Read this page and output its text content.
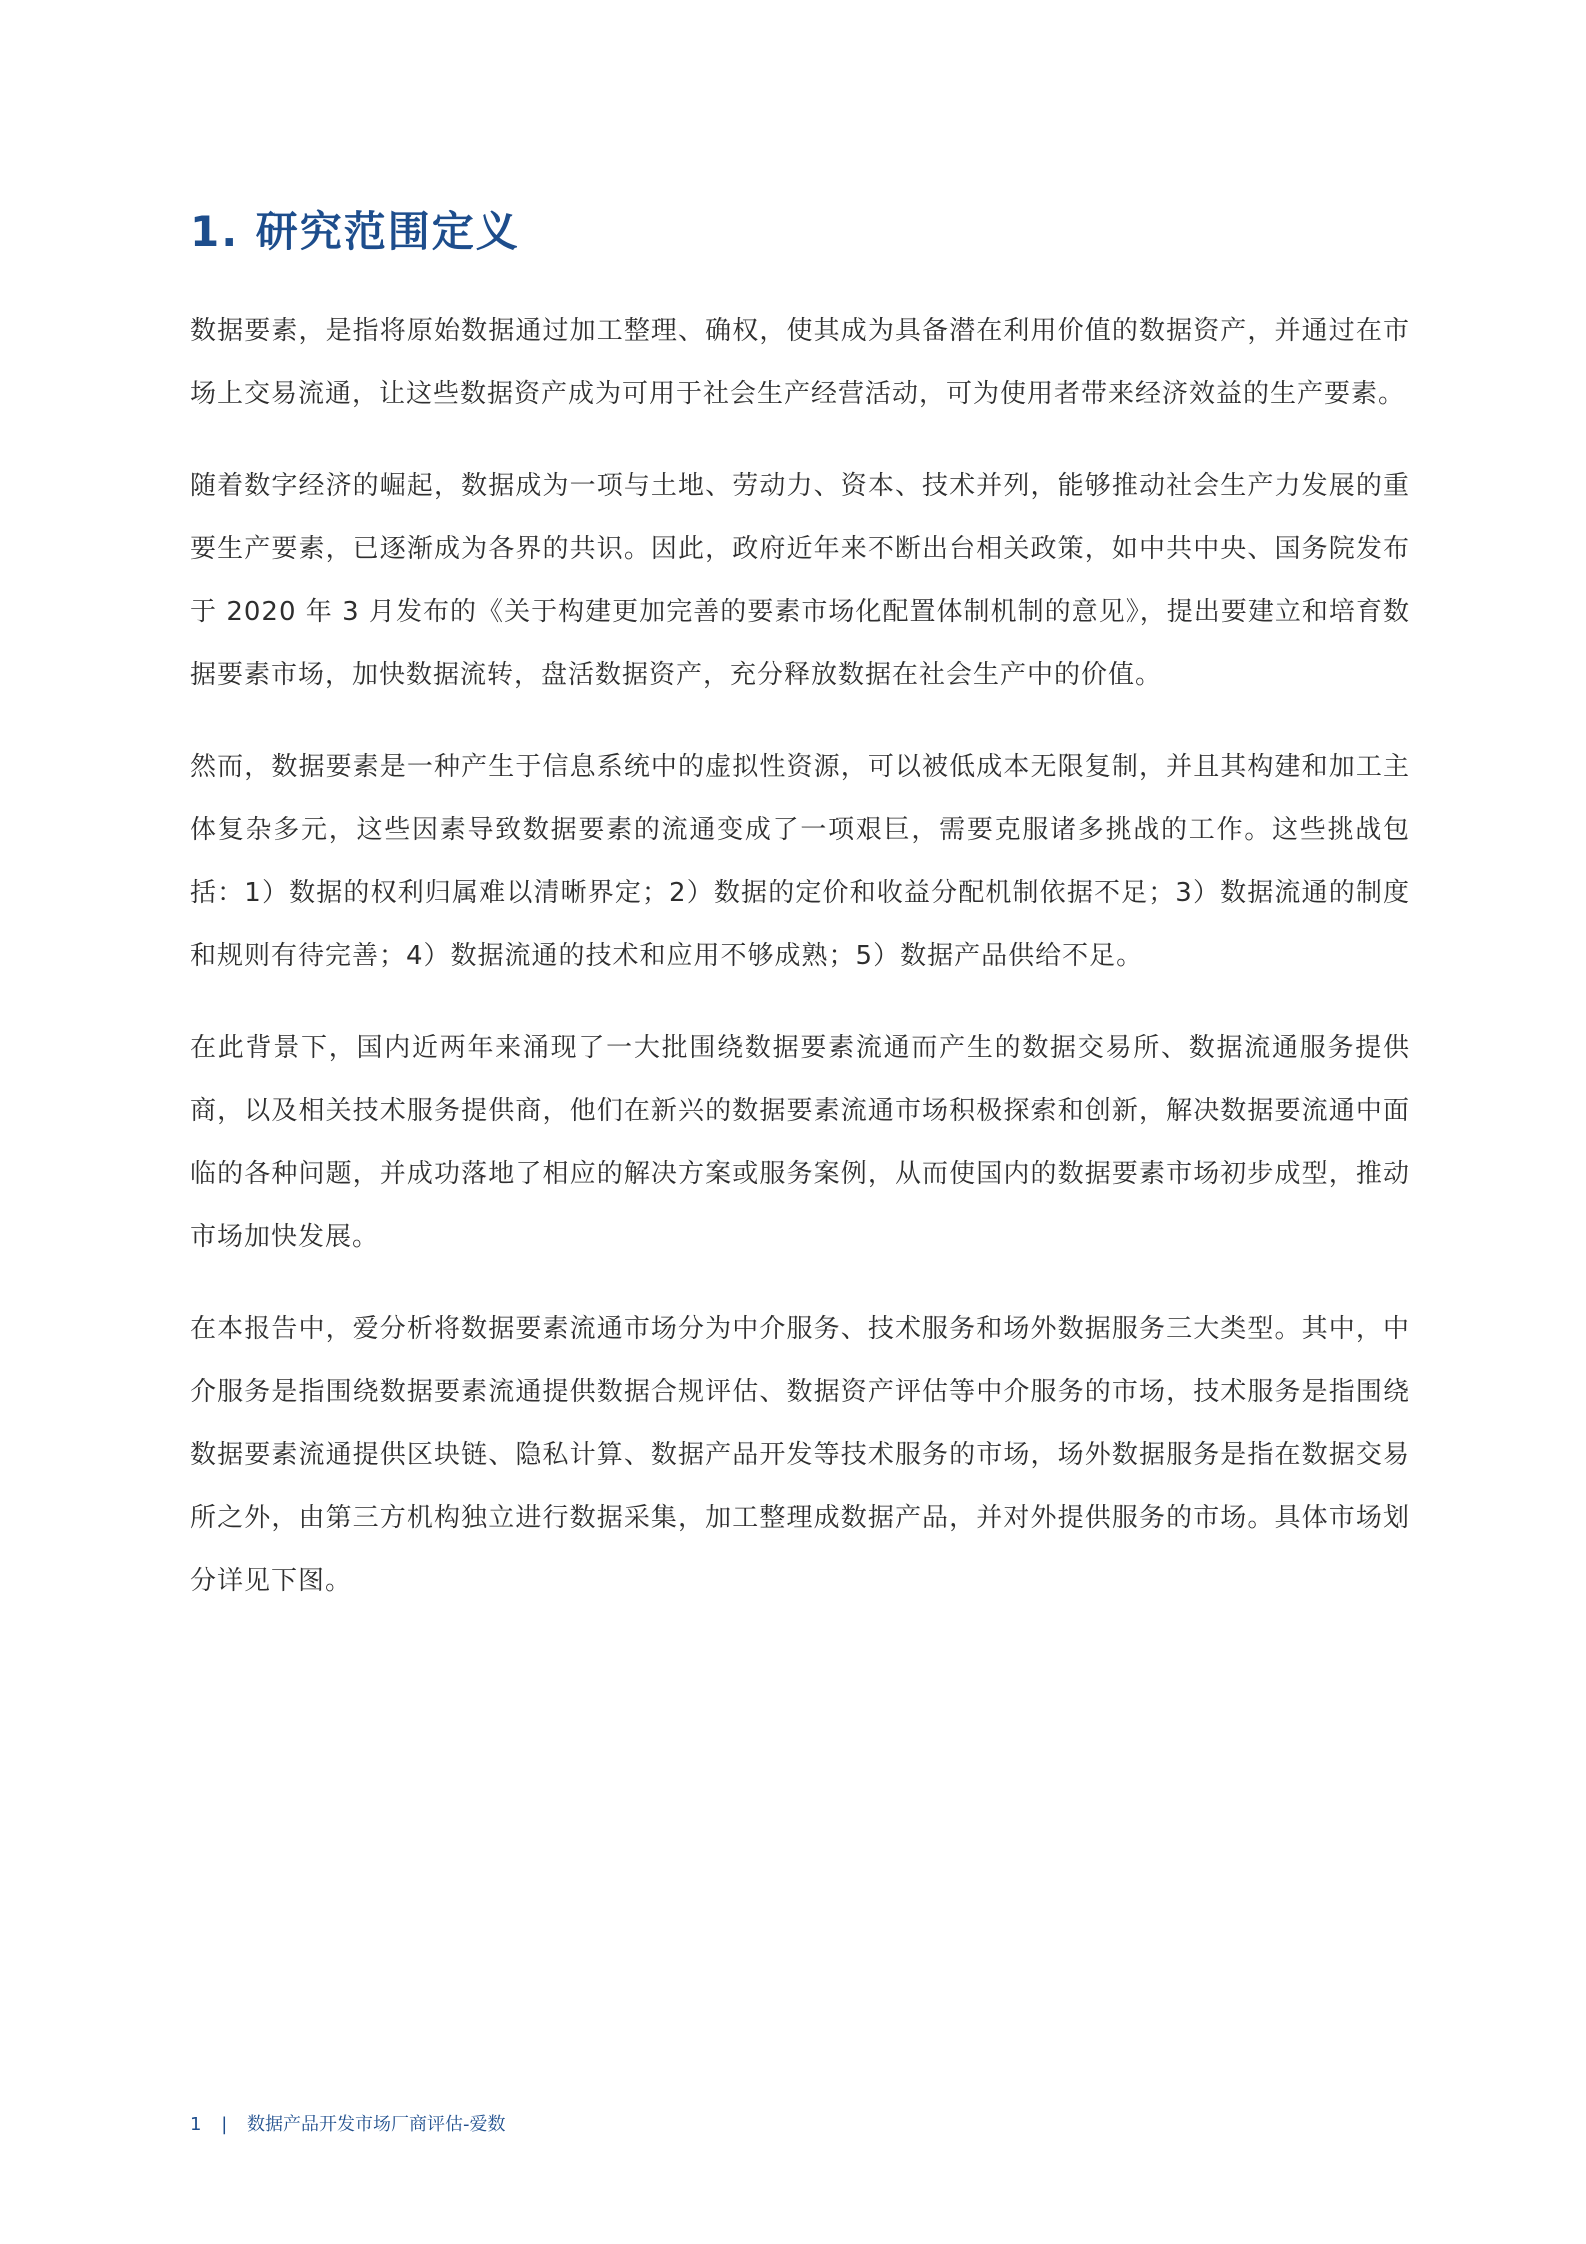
1. 研究范围定义

数据要素，是指将原始数据通过加工整理、确权，使其成为具备潜在利用价值的数据资产，并通过在市场上交易流通，让这些数据资产成为可用于社会生产经营活动，可为使用者带来经济效益的生产要素。

随着数字经济的崛起，数据成为一项与土地、劳动力、资本、技术并列，能够推动社会生产力发展的重要生产要素，已逐渐成为各界的共识。因此，政府近年来不断出台相关政策，如中共中央、国务院发布于 2020 年 3 月发布的《关于构建更加完善的要素市场化配置体制机制的意见》，提出要建立和培育数据要素市场，加快数据流转，盘活数据资产，充分释放数据在社会生产中的价值。

然而，数据要素是一种产生于信息系统中的虚拟性资源，可以被低成本无限复制，并且其构建和加工主体复杂多元，这些因素导致数据要素的流通变成了一项艰巨，需要克服诸多挑战的工作。这些挑战包括：1）数据的权利归属难以清晰界定；2）数据的定价和收益分配机制依据不足；3）数据流通的制度和规则有待完善；4）数据流通的技术和应用不够成熟；5）数据产品供给不足。

在此背景下，国内近两年来涌现了一大批围绕数据要素流通而产生的数据交易所、数据流通服务提供商，以及相关技术服务提供商，他们在新兴的数据要素流通市场积极探索和创新，解决数据要流通中面临的各种问题，并成功落地了相应的解决方案或服务案例，从而使国内的数据要素市场初步成型，推动市场加快发展。

在本报告中，爱分析将数据要素流通市场分为中介服务、技术服务和场外数据服务三大类型。其中，中介服务是指围绕数据要素流通提供数据合规评估、数据资产评估等中介服务的市场，技术服务是指围绕数据要素流通提供区块链、隐私计算、数据产品开发等技术服务的市场，场外数据服务是指在数据交易所之外，由第三方机构独立进行数据采集，加工整理成数据产品，并对外提供服务的市场。具体市场划分详见下图。

1 | 数据产品开发市场厂商评估-爱数
